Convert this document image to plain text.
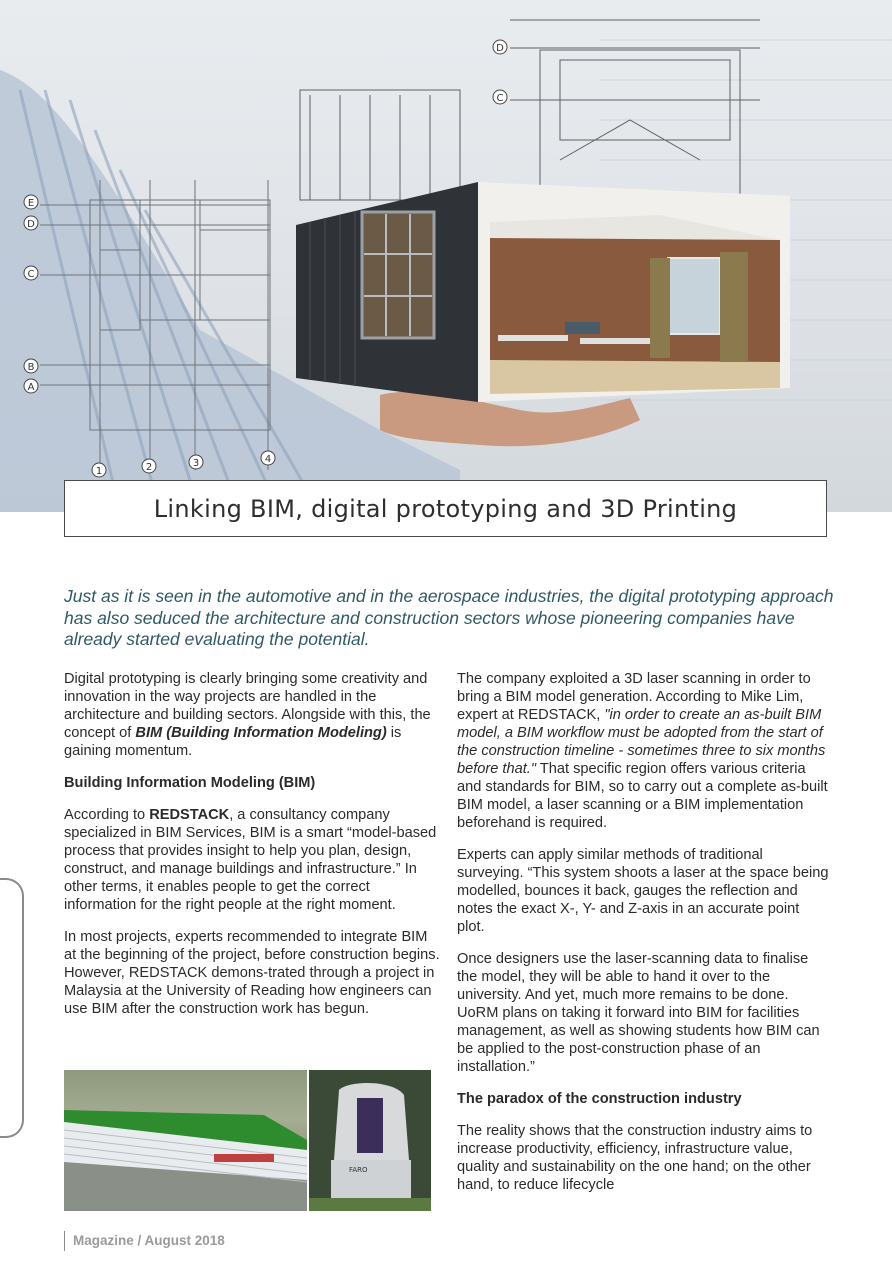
E
D
C
B
A
D
C
1	2	3	4
Linking BIM, digital prototyping and 3D Printing

Just as it is seen in the automotive and in the aerospace industries, the digital prototyping approach has also seduced the architecture and construction sectors whose pioneering companies have already started evaluating the potential.

Digital prototyping is clearly bringing some creativity and innovation in the way projects are handled in the architecture and building sectors. Alongside with this, the concept of BIM (Building Information Modeling) is gaining momentum.

Building Information Modeling (BIM)

According to REDSTACK, a consultancy company specialized in BIM Services, BIM is a smart “model-based process that provides insight to help you plan, design, construct, and manage buildings and infrastructure.” In other terms, it enables people to get the correct information for the right people at the right moment.

In most projects, experts recommended to integrate BIM at the beginning of the project, before construction begins. However, REDSTACK demons-trated through a project in Malaysia at the University of Reading how engineers can use BIM after the construction work has begun.

The company exploited a 3D laser scanning in order to bring a BIM model generation. According to Mike Lim, expert at REDSTACK, "in order to create an as-built BIM model, a BIM workflow must be adopted from the start of the construction timeline - sometimes three to six months before that." That specific region offers various criteria and standards for BIM, so to carry out a complete as-built BIM model, a laser scanning or a BIM implementation beforehand is required.

Experts can apply similar methods of traditional surveying. “This system shoots a laser at the space being modelled, bounces it back, gauges the reflection and notes the exact X-, Y- and Z-axis in an accurate point plot.

Once designers use the laser-scanning data to finalise the model, they will be able to hand it over to the university. And yet, much more remains to be done. UoRM plans on taking it forward into BIM for facilities management, as well as showing students how BIM can be applied to the post-construction phase of an installation.”

The paradox of the construction industry

The reality shows that the construction industry aims to increase productivity, efficiency, infrastructure value, quality and sustainability on the one hand; on the other hand, to reduce lifecycle

FARO
Magazine / August 2018
